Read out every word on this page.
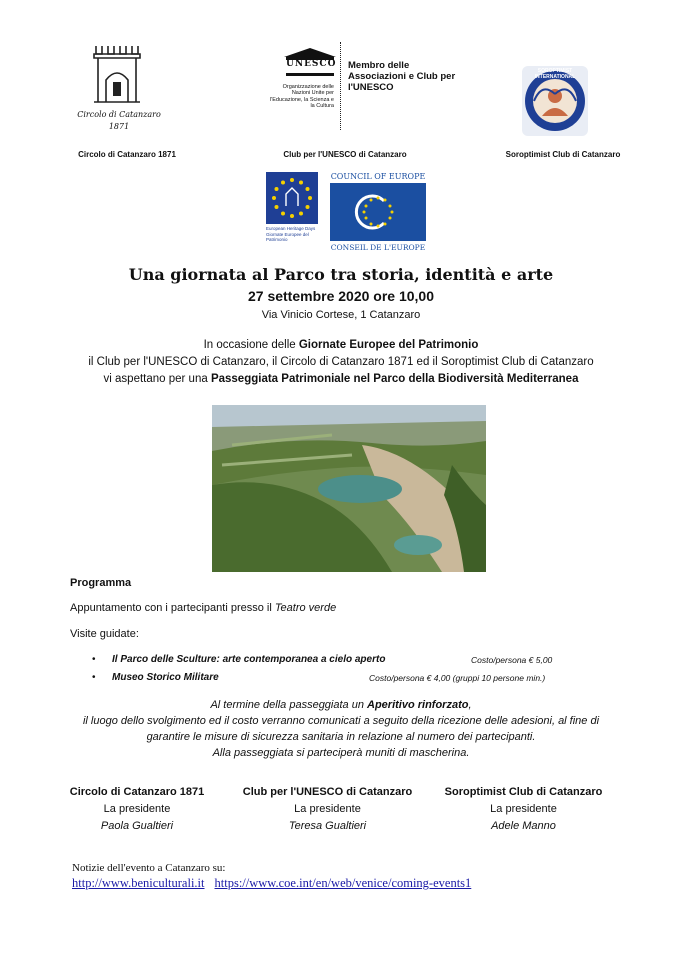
Circolo di Catanzaro
1871
UNESCO
Organizzazione delle Nazioni Unite per l'Educazione, la Scienza e la Cultura
Membro delle Associazioni e Club per l'UNESCO
SOROPTIMIST INTERNATIONAL
Circolo di Catanzaro 1871	Club per l'UNESCO di Catanzaro	Soroptimist Club di Catanzaro
European Heritage Days Giornate Europee del Patrimonio
COUNCIL OF EUROPE
CONSEIL DE L'EUROPE
Una giornata al Parco tra storia, identità e arte
27 settembre 2020 ore 10,00
Via Vinicio Cortese, 1 Catanzaro
In occasione delle Giornate Europee del Patrimonio
il Club per l'UNESCO di Catanzaro, il Circolo di Catanzaro 1871 ed il Soroptimist Club di Catanzaro
vi aspettano per una Passeggiata Patrimoniale nel Parco della Biodiversità Mediterranea
Programma
Appuntamento con i partecipanti presso il Teatro verde
Visite guidate:
• Il Parco delle Sculture: arte contemporanea a cielo aperto	Costo/persona € 5,00
• Museo Storico Militare	Costo/persona € 4,00 (gruppi 10 persone min.)
Al termine della passeggiata un Aperitivo rinforzato,
il luogo dello svolgimento ed il costo verranno comunicati a seguito della ricezione delle adesioni, al fine di
garantire le misure di sicurezza sanitaria in relazione al numero dei partecipanti.
Alla passeggiata si parteciperà muniti di mascherina.
Circolo di Catanzaro 1871
La presidente
Paola Gualtieri
Club per l'UNESCO di Catanzaro
La presidente
Teresa Gualtieri
Soroptimist Club di Catanzaro
La presidente
Adele Manno
Notizie dell'evento a Catanzaro su:
http://www.beniculturali.it https://www.coe.int/en/web/venice/coming-events1
